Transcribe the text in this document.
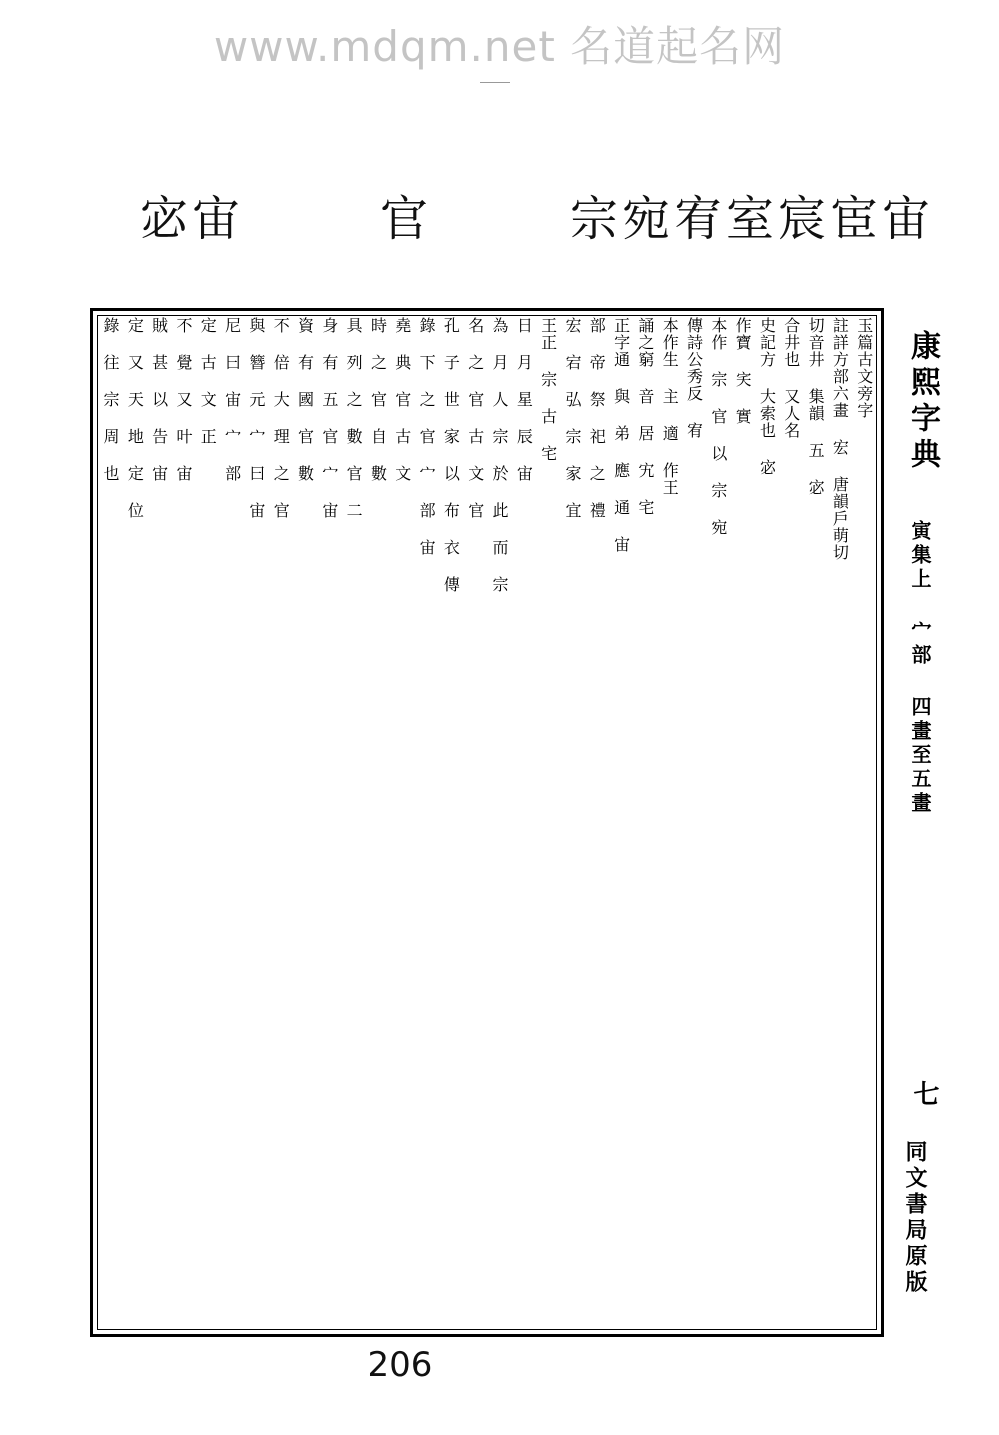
www.mdqm.net 名道起名网
宓宙	官	宗宛宥室宸宦宙
玉篇古文旁字
註詳方部六畫 宏 唐韻戶萌切
切音井 集韻 五 宓
合井也 又人名
史記方 大索也 宓
作寶 宎 實
本作 宗 官 以 宗 宛
傳詩公秀反 宥
本作生 主 適 作王
誦之窮 音 居 宄 宅
正字通 與 弟 應 通 宙
部 帝 祭 祀 之 禮
宏 宕 弘 宗 家 宜
王正 宗 古 宅
日 月 星 辰 宙
為 月 人 宗 於 此 而 宗
名 之 官 古 文 官
孔 子 世 家 以 布 衣 傳
錄 下 之 官 宀 部 宙
堯 典 官 古 文
時 之 官 自 數
具 列 之 數 官 二
身 有 五 官 宀 宙
資 有 國 官 數
不 倍 大 理 之 官
與 簪 元 宀 曰 宙
尼 曰 宙 宀 部
定 古 文 正
不 覺 又 叶 宙
賊 甚 以 告 宙
定 又 天 地 定 位
錄 往 宗 周 也	康熙字典
寅集上 宀部 四畫至五畫
七
同文書局原版
206
